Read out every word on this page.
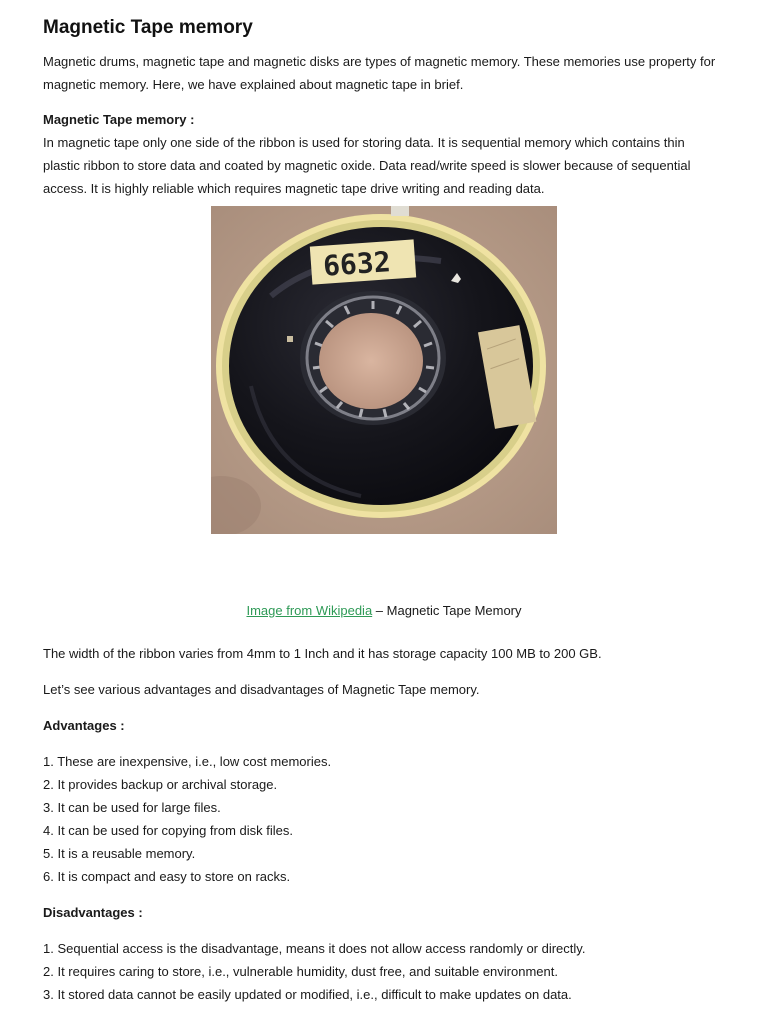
Magnetic Tape memory

Magnetic drums, magnetic tape and magnetic disks are types of magnetic memory. These memories use property for magnetic memory. Here, we have explained about magnetic tape in brief.

Magnetic Tape memory :

In magnetic tape only one side of the ribbon is used for storing data. It is sequential memory which contains thin plastic ribbon to store data and coated by magnetic oxide. Data read/write speed is slower because of sequential access. It is highly reliable which requires magnetic tape drive writing and reading data.

6632

Image from Wikipedia – Magnetic Tape Memory

The width of the ribbon varies from 4mm to 1 Inch and it has storage capacity 100 MB to 200 GB.

Let’s see various advantages and disadvantages of Magnetic Tape memory.

Advantages :
1. These are inexpensive, i.e., low cost memories.
2. It provides backup or archival storage.
3. It can be used for large files.
4. It can be used for copying from disk files.
5. It is a reusable memory.
6. It is compact and easy to store on racks.
Disadvantages :
1. Sequential access is the disadvantage, means it does not allow access randomly or directly.
2. It requires caring to store, i.e., vulnerable humidity, dust free, and suitable environment.
3. It stored data cannot be easily updated or modified, i.e., difficult to make updates on data.
